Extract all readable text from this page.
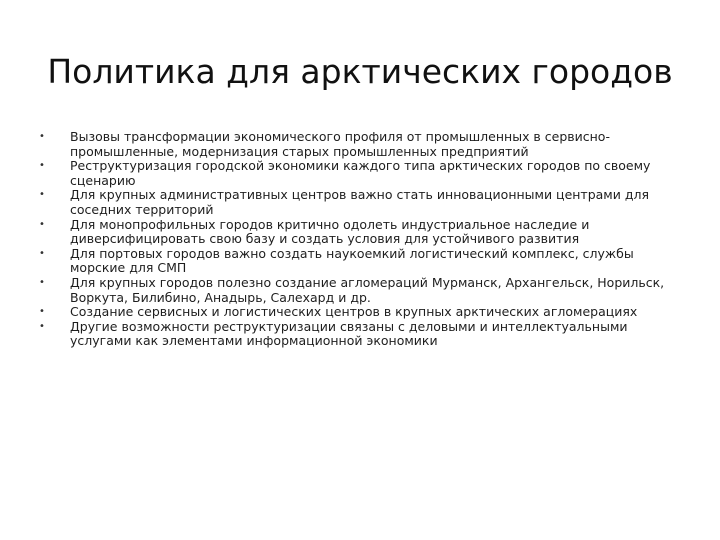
Политика для арктических городов
• Вызовы трансформации экономического профиля от промышленных в сервисно-промышленные, модернизация старых промышленных предприятий
• Реструктуризация городской экономики каждого типа арктических городов по своему сценарию
• Для крупных административных центров важно стать инновационными центрами для соседних территорий
• Для монопрофильных городов критично одолеть индустриальное наследие и диверсифицировать свою базу и создать условия для устойчивого развития
• Для портовых городов важно создать наукоемкий логистический комплекс, службы морские для СМП
• Для крупных городов полезно создание агломераций Мурманск, Архангельск, Норильск, Воркута, Билибино, Анадырь, Салехард и др.
• Создание сервисных и логистических центров в крупных арктических агломерациях
• Другие возможности реструктуризации связаны с деловыми и интеллектуальными услугами как элементами информационной экономики
